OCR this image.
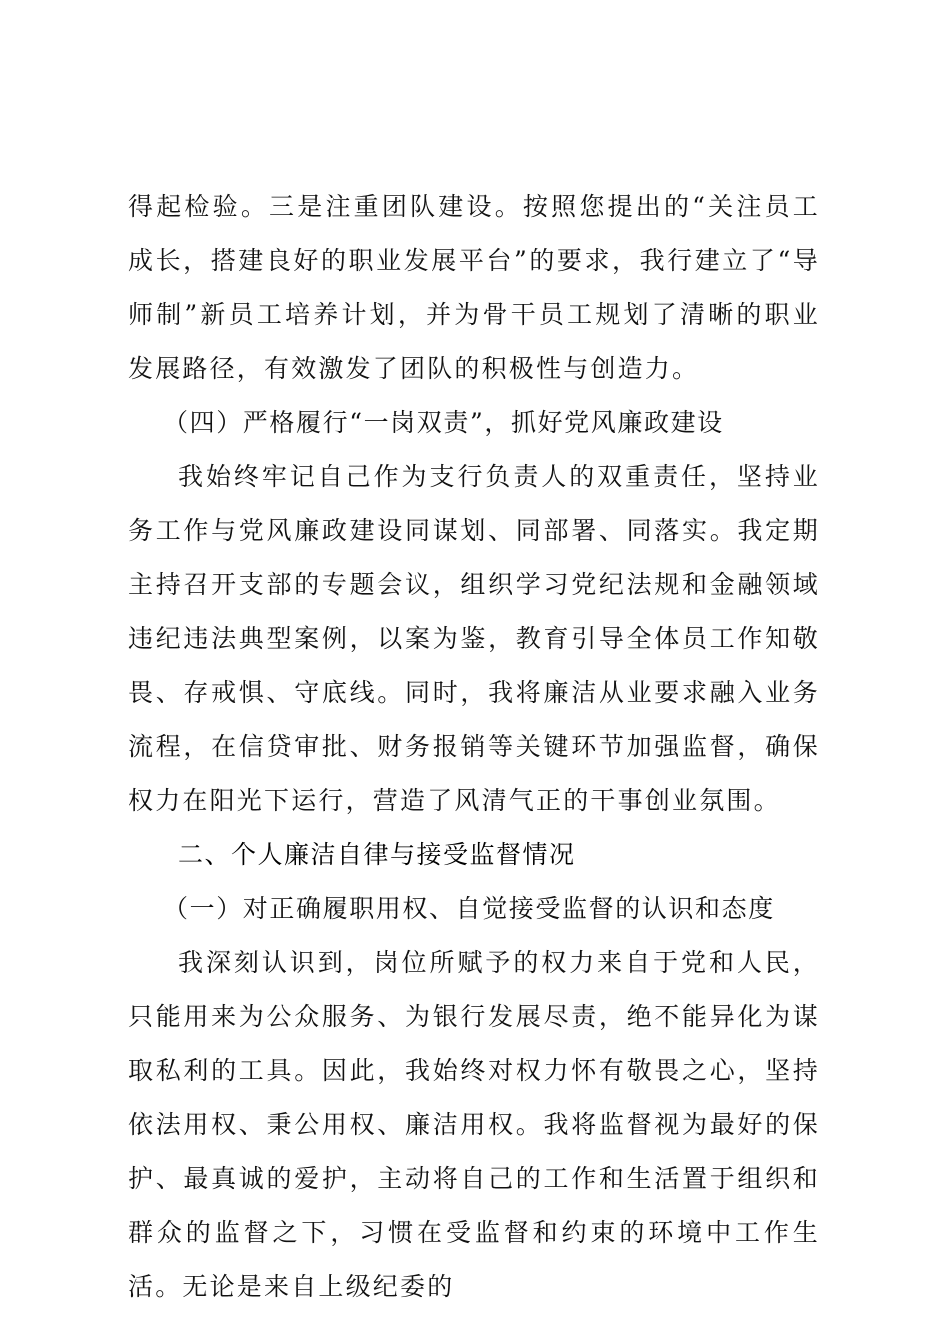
得起检验。三是注重团队建设。按照您提出的“关注员工成长，搭建良好的职业发展平台”的要求，我行建立了“导师制”新员工培养计划，并为骨干员工规划了清晰的职业发展路径，有效激发了团队的积极性与创造力。

（四）严格履行“一岗双责”，抓好党风廉政建设

我始终牢记自己作为支行负责人的双重责任，坚持业务工作与党风廉政建设同谋划、同部署、同落实。我定期主持召开支部的专题会议，组织学习党纪法规和金融领域违纪违法典型案例，以案为鉴，教育引导全体员工作知敬畏、存戒惧、守底线。同时，我将廉洁从业要求融入业务流程，在信贷审批、财务报销等关键环节加强监督，确保权力在阳光下运行，营造了风清气正的干事创业氛围。

二、个人廉洁自律与接受监督情况

（一）对正确履职用权、自觉接受监督的认识和态度

我深刻认识到，岗位所赋予的权力来自于党和人民，只能用来为公众服务、为银行发展尽责，绝不能异化为谋取私利的工具。因此，我始终对权力怀有敬畏之心，坚持依法用权、秉公用权、廉洁用权。我将监督视为最好的保护、最真诚的爱护，主动将自己的工作和生活置于组织和群众的监督之下，习惯在受监督和约束的环境中工作生活。无论是来自上级纪委的
